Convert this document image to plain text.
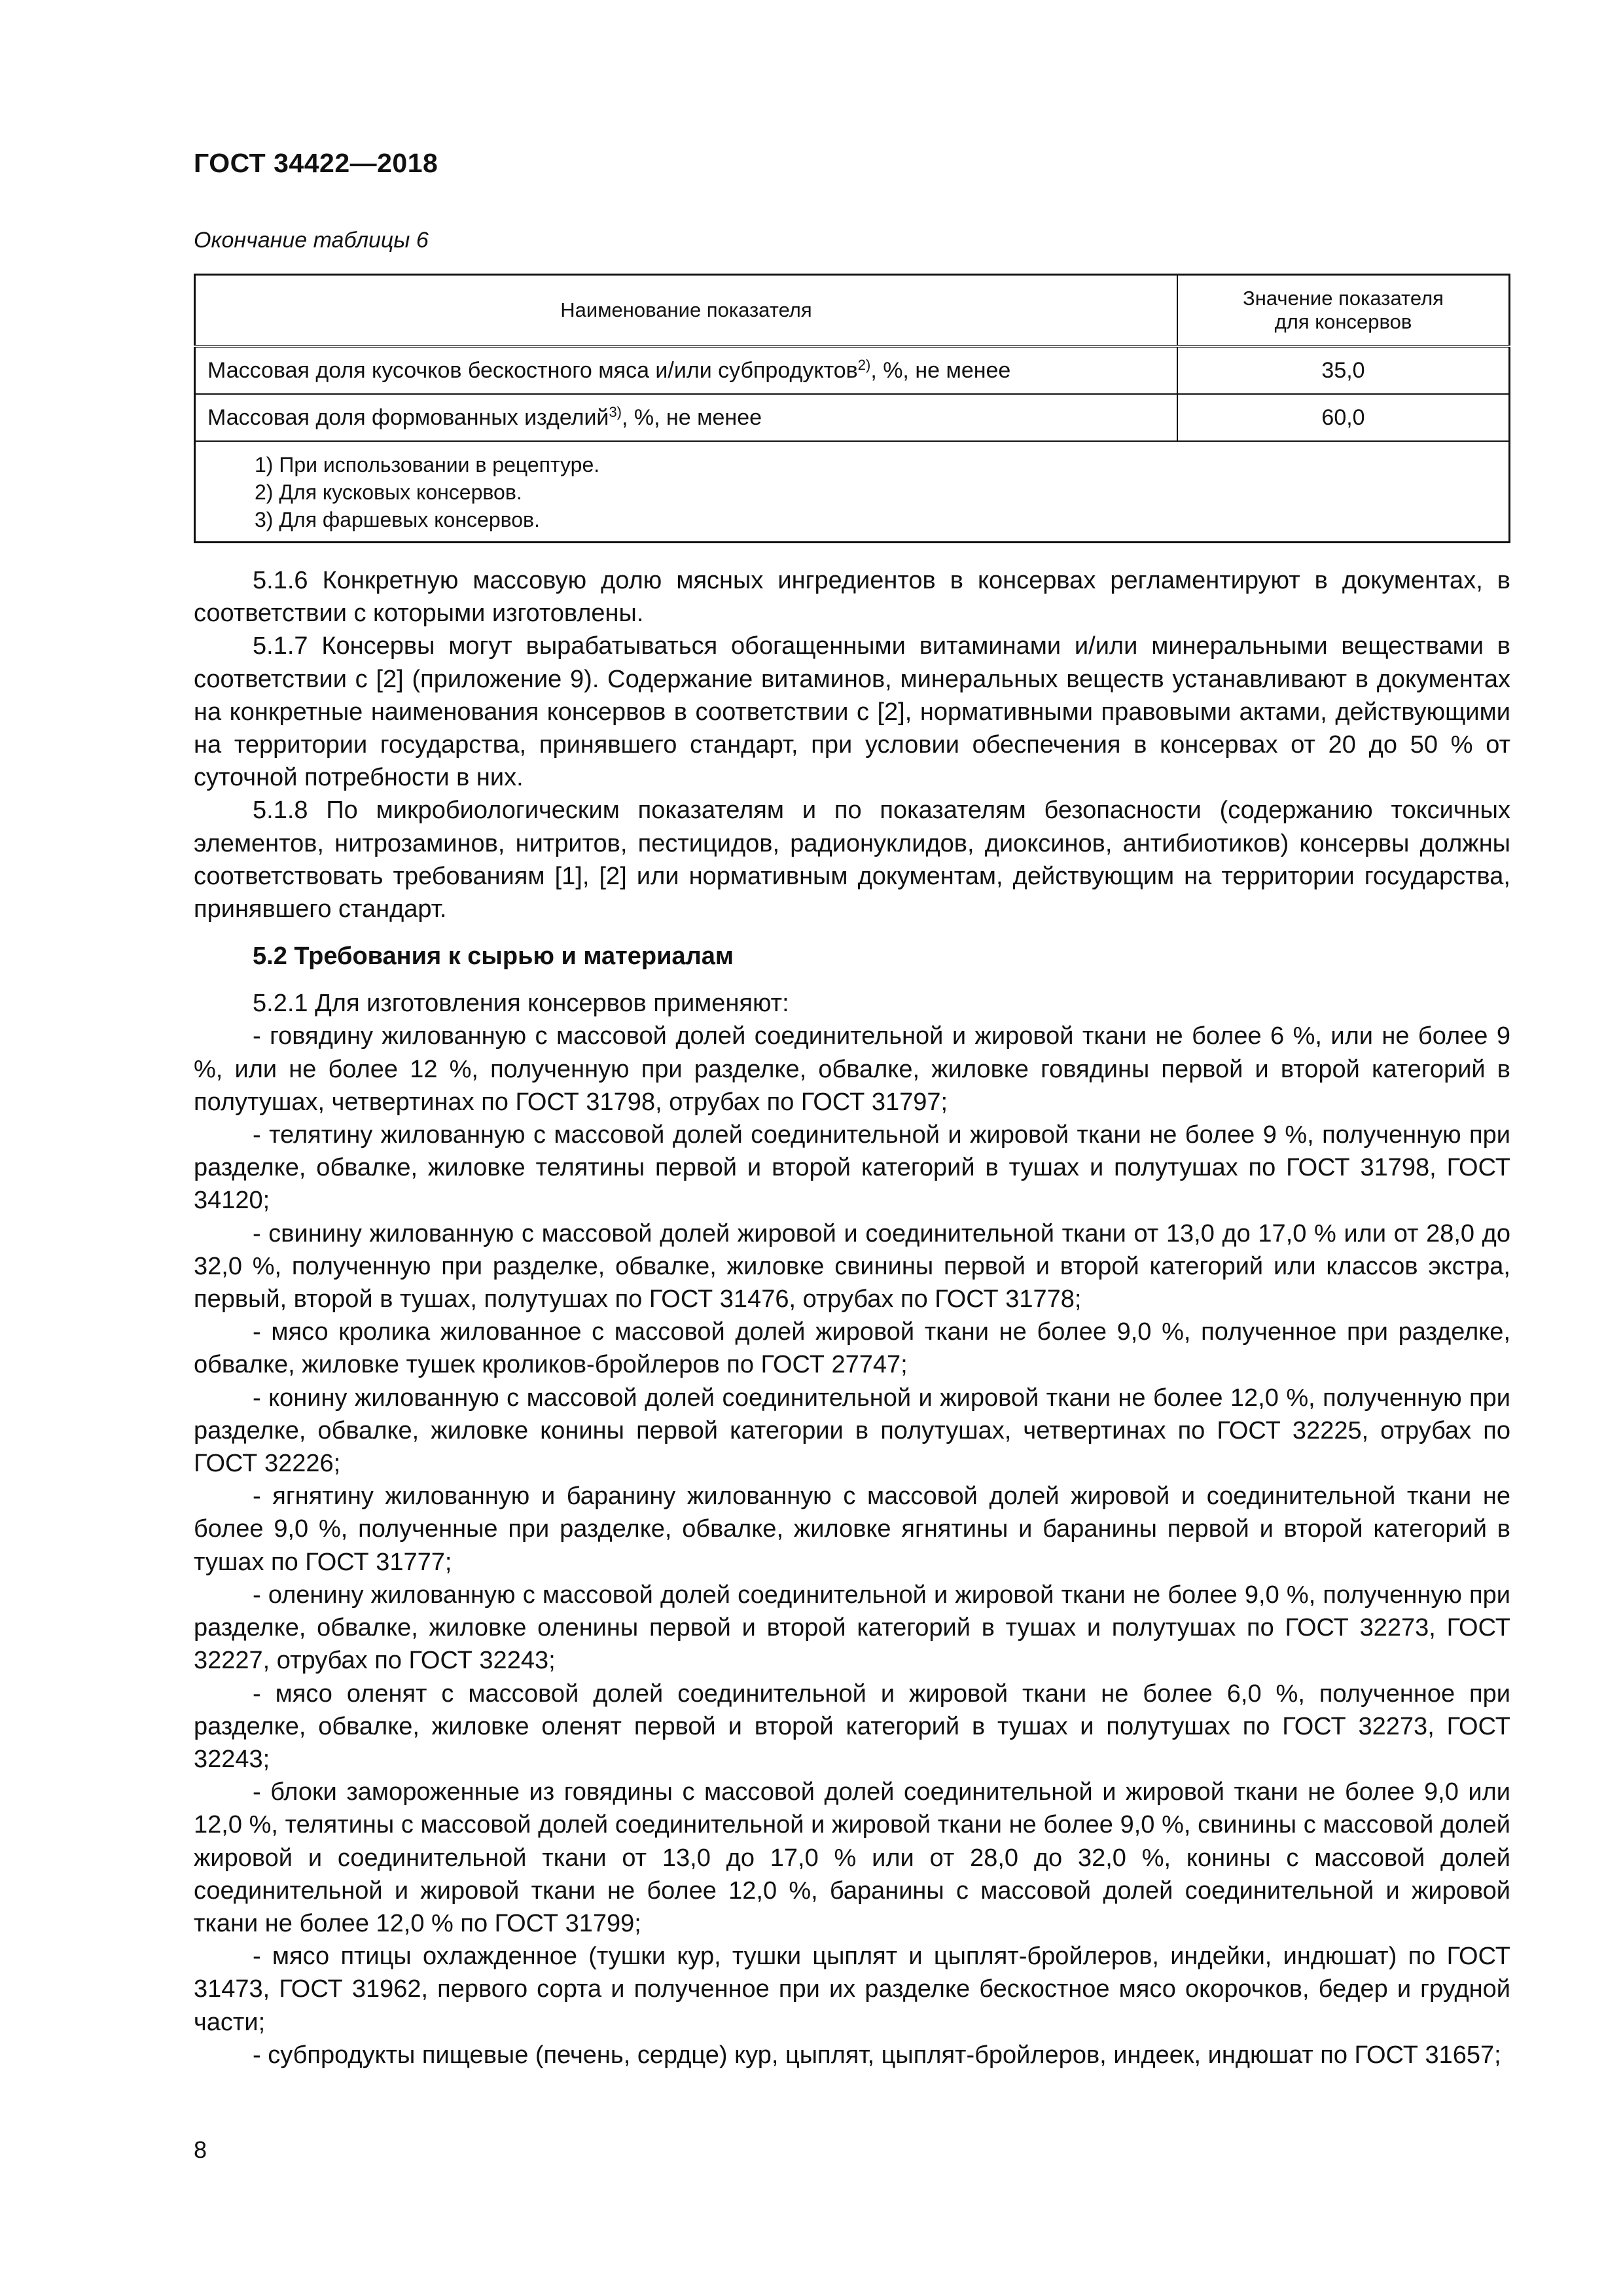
ГОСТ 34422—2018
Окончание таблицы 6
Наименование показателя	Значение показателя
для консервов
Массовая доля кусочков бескостного мяса и/или субпродуктов$^{2)}$, %, не менее	35,0
Массовая доля формованных изделий$^{3)}$, %, не менее	60,0

1) При использовании в рецептуре.
2) Для кусковых консервов.
3) Для фаршевых консервов.	

5.1.6 Конкретную массовую долю мясных ингредиентов в консервах регламентируют в документах, в соответствии с которыми изготовлены.

5.1.7 Консервы могут вырабатываться обогащенными витаминами и/или минеральными веществами в соответствии с [2] (приложение 9). Содержание витаминов, минеральных веществ устанавливают в документах на конкретные наименования консервов в соответствии с [2], нормативными правовыми актами, действующими на территории государства, принявшего стандарт, при условии обеспечения в консервах от 20 до 50 % от суточной потребности в них.

5.1.8 По микробиологическим показателям и по показателям безопасности (содержанию токсичных элементов, нитрозаминов, нитритов, пестицидов, радионуклидов, диоксинов, антибиотиков) консервы должны соответствовать требованиям [1], [2] или нормативным документам, действующим на территории государства, принявшего стандарт.

5.2 Требования к сырью и материалам

5.2.1 Для изготовления консервов применяют:

- говядину жилованную с массовой долей соединительной и жировой ткани не более 6 %, или не более 9 %, или не более 12 %, полученную при разделке, обвалке, жиловке говядины первой и второй категорий в полутушах, четвертинах по ГОСТ 31798, отрубах по ГОСТ 31797;

- телятину жилованную с массовой долей соединительной и жировой ткани не более 9 %, полученную при разделке, обвалке, жиловке телятины первой и второй категорий в тушах и полутушах по ГОСТ 31798, ГОСТ 34120;

- свинину жилованную с массовой долей жировой и соединительной ткани от 13,0 до 17,0 % или от 28,0 до 32,0 %, полученную при разделке, обвалке, жиловке свинины первой и второй категорий или классов экстра, первый, второй в тушах, полутушах по ГОСТ 31476, отрубах по ГОСТ 31778;

- мясо кролика жилованное с массовой долей жировой ткани не более 9,0 %, полученное при разделке, обвалке, жиловке тушек кроликов-бройлеров по ГОСТ 27747;

- конину жилованную с массовой долей соединительной и жировой ткани не более 12,0 %, полученную при разделке, обвалке, жиловке конины первой категории в полутушах, четвертинах по ГОСТ 32225, отрубах по ГОСТ 32226;

- ягнятину жилованную и баранину жилованную с массовой долей жировой и соединительной ткани не более 9,0 %, полученные при разделке, обвалке, жиловке ягнятины и баранины первой и второй категорий в тушах по ГОСТ 31777;

- оленину жилованную с массовой долей соединительной и жировой ткани не более 9,0 %, полученную при разделке, обвалке, жиловке оленины первой и второй категорий в тушах и полутушах по ГОСТ 32273, ГОСТ 32227, отрубах по ГОСТ 32243;

- мясо оленят с массовой долей соединительной и жировой ткани не более 6,0 %, полученное при разделке, обвалке, жиловке оленят первой и второй категорий в тушах и полутушах по ГОСТ 32273, ГОСТ 32243;

- блоки замороженные из говядины с массовой долей соединительной и жировой ткани не более 9,0 или 12,0 %, телятины с массовой долей соединительной и жировой ткани не более 9,0 %, свинины с массовой долей жировой и соединительной ткани от 13,0 до 17,0 % или от 28,0 до 32,0 %, конины с массовой долей соединительной и жировой ткани не более 12,0 %, баранины с массовой долей соединительной и жировой ткани не более 12,0 % по ГОСТ 31799;

- мясо птицы охлажденное (тушки кур, тушки цыплят и цыплят-бройлеров, индейки, индюшат) по ГОСТ 31473, ГОСТ 31962, первого сорта и полученное при их разделке бескостное мясо окорочков, бедер и грудной части;

- субпродукты пищевые (печень, сердце) кур, цыплят, цыплят-бройлеров, индеек, индюшат по ГОСТ 31657;

8
